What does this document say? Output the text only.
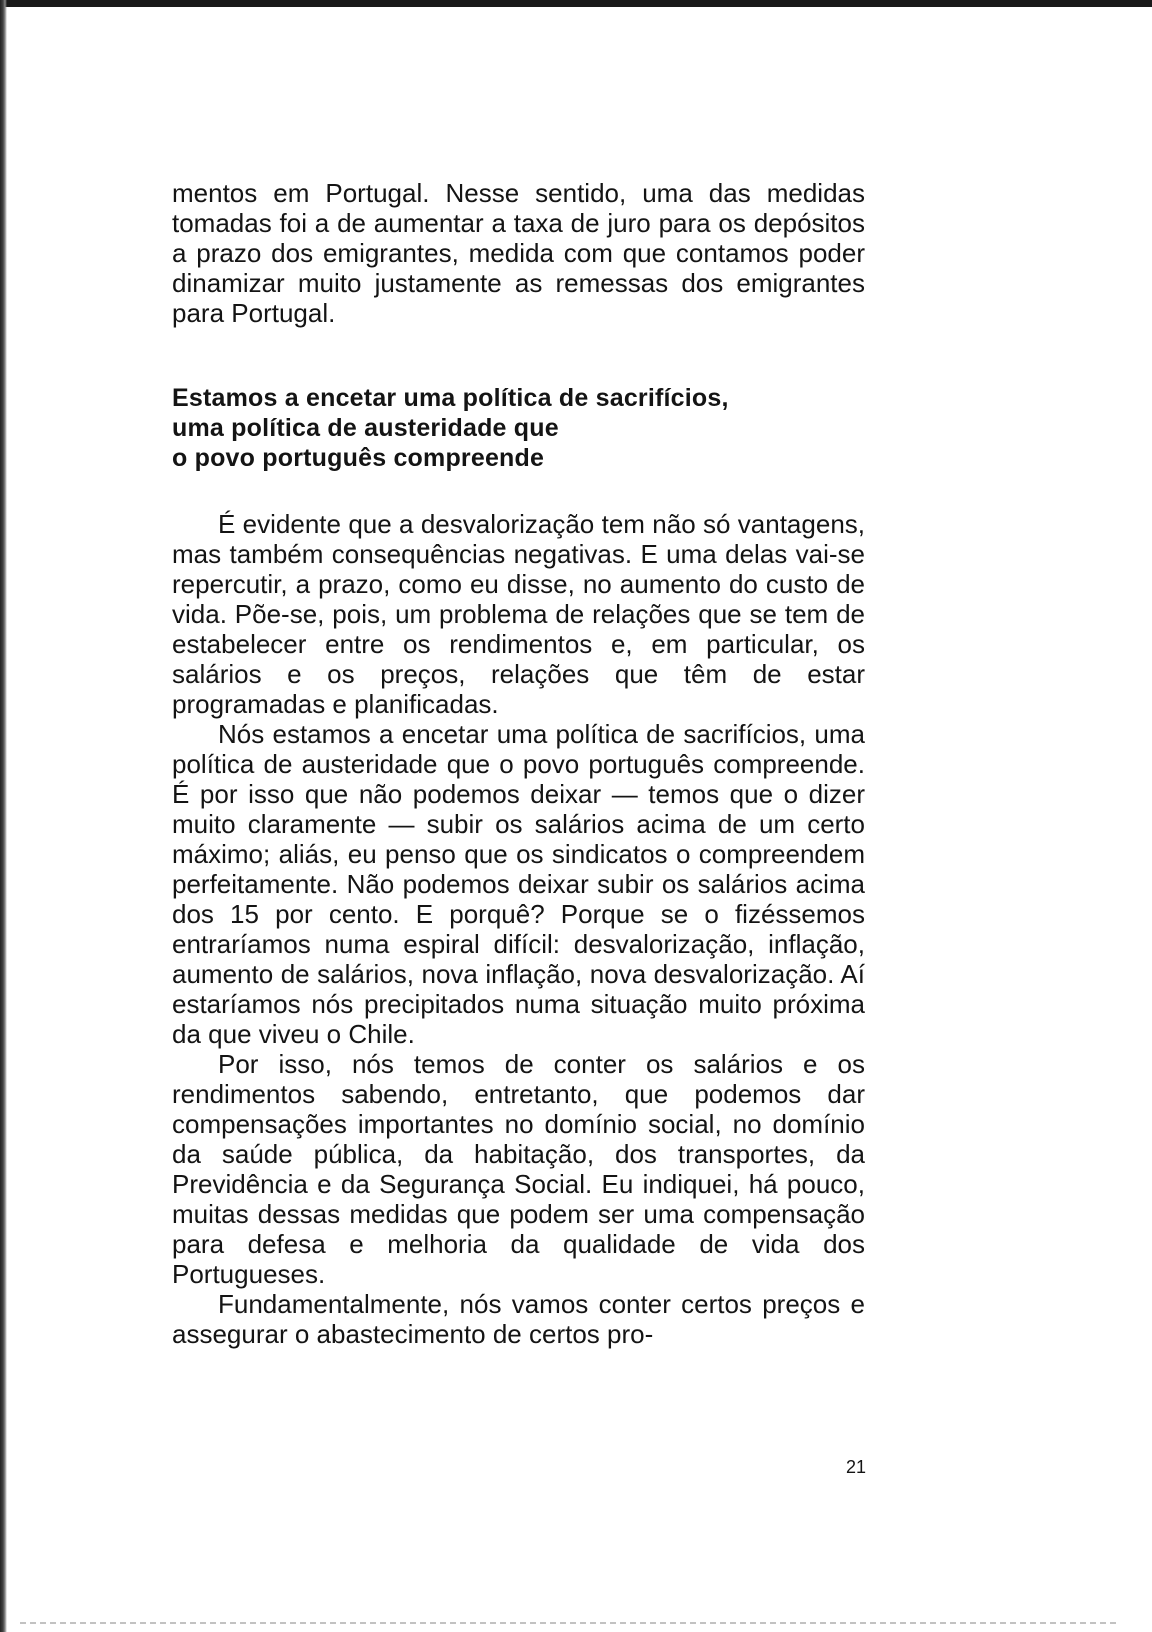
mentos em Portugal. Nesse sentido, uma das medidas tomadas foi a de aumentar a taxa de juro para os depósitos a prazo dos emigrantes, medida com que contamos poder dinamizar muito justamente as remessas dos emigrantes para Portugal.

Estamos a encetar uma política de sacrifícios,
uma política de austeridade que
o povo português compreende

É evidente que a desvalorização tem não só vantagens, mas também consequências negativas. E uma delas vai-se repercutir, a prazo, como eu disse, no aumento do custo de vida. Põe-se, pois, um problema de relações que se tem de estabelecer entre os rendimentos e, em particular, os salários e os preços, relações que têm de estar programadas e planificadas.

Nós estamos a encetar uma política de sacrifícios, uma política de austeridade que o povo português compreende. É por isso que não podemos deixar — temos que o dizer muito claramente — subir os salários acima de um certo máximo; aliás, eu penso que os sindicatos o compreendem perfeitamente. Não podemos deixar subir os salários acima dos 15 por cento. E porquê? Porque se o fizéssemos entraríamos numa espiral difícil: desvalorização, inflação, aumento de salários, nova inflação, nova desvalorização. Aí estaríamos nós precipitados numa situação muito próxima da que viveu o Chile.

Por isso, nós temos de conter os salários e os rendimentos sabendo, entretanto, que podemos dar compensações importantes no domínio social, no domínio da saúde pública, da habitação, dos transportes, da Previdência e da Segurança Social. Eu indiquei, há pouco, muitas dessas medidas que podem ser uma compensação para defesa e melhoria da qualidade de vida dos Portugueses.

Fundamentalmente, nós vamos conter certos preços e assegurar o abastecimento de certos pro-

21
